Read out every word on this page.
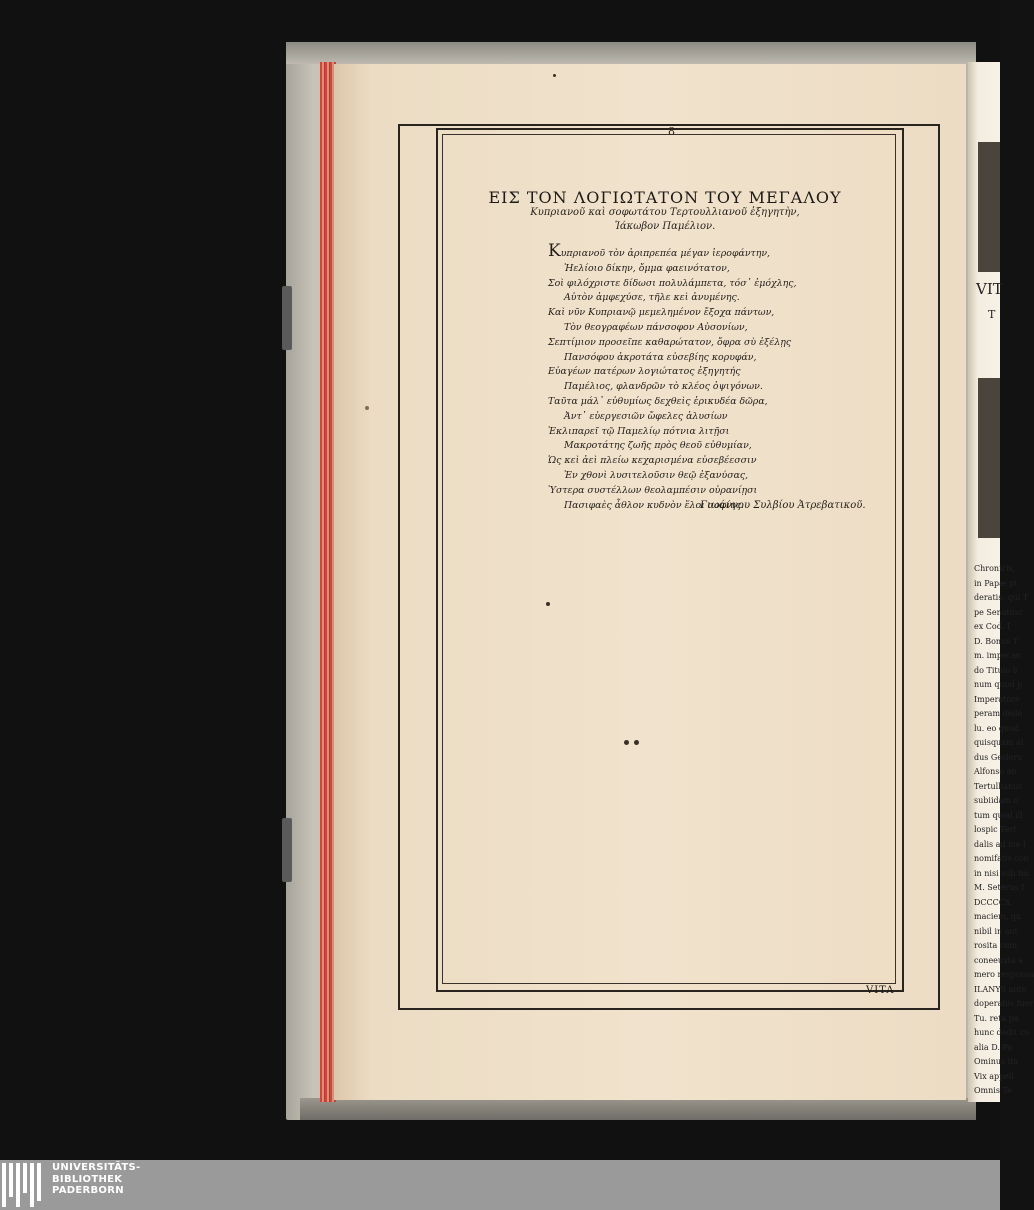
8
ΕΙΣ ΤΟΝ ΛΟΓΙΩΤΑΤΟΝ ΤΟΥ ΜΕΓΑΛΟΥ
Κυπριανοῦ καὶ σοφωτάτου Τερτουλλιανοῦ ἐξηγητὴν,
Ἰάκωβον Παμέλιον.
Κυπριανοῦ τὸν ἀριπρεπέα μέγαν ἱεροφάντην,
Ἠελίοιο δίκην, ὄμμα φαεινότατον,
Σοὶ φιλόχριστε δίδωσι πολυλάμπετα, τόσ᾽ ἐμόχλης,
Αὐτὸν ἀμφεχύσε, τῆλε κεὶ ἀνυμένης.
Καὶ νῦν Κυπριανῷ μεμελημένον ἔξοχα πάντων,
Τὸν θεογραφέων πάνσοφον Αὐσονίων,
Σεπτίμιον προσεῖπε καθαρώτατον, ὄφρα σὺ ἐξέλῃς
Πανσόφου ἀκροτάτα εὐσεβίης κορυφάν,
Εὐαγέων πατέρων λογιώτατος ἐξηγητής
Παμέλιος, φλανδρῶν τὸ κλέος ὀψιγόνων.
Ταῦτα μάλ᾽ εὐθυμίως δεχθεὶς ἐρικυδέα δῶρα,
Ἀντ᾽ εὐεργεσιῶν ὤφελες ἀλυσίων
Ἐκλιπαρεῖ τῷ Παμελίῳ πότνια λιτῇσι
Μακροτάτης ζωῆς πρὸς θεοῦ εὐθυμίαν,
Ὡς κεὶ ἀεὶ πλείω κεχαρισμένα εὐσεβέεσσιν
Ἐν χθονὶ λυσιτελοῦσιν θεῷ ἐξανύσας,
Ὑστερα συστέλλων θεολαμπέσιν οὐρανίῃσι
Πασιφαὲς ἆθλον κυδνὸν ἕλοι σοφίης.
Γιωάννου Συλβίου Ἀτρεβατικοῦ.
VITA
VIT
T
Chronicis,
in Papæ pt
deratis, qui T
pe Senatusc
ex Cod. I
D. Bonus T
m. impecan
do Titulo b
num quod p
Imperatore
peram dede
lu. eo quod
quisquam al
dus Gesleru
Alfonso an
Tertullianus
subiidam o
tum quod ill
lospic Tert
dalis ad me l
nomifatis con
in nisi sub Im
M. Seterus I
DCCCCX
maciem, qu
nibil in aut
rosita cum
coneeuxta a
mero responsa
ILANYS ante
doperabis fuer
Tu. reta pa
hunc dedit co
alia D. Pa
Ominus ita
Vix appell
Omnis Te
UNIVERSITÄTS-
BIBLIOTHEK
PADERBORN
